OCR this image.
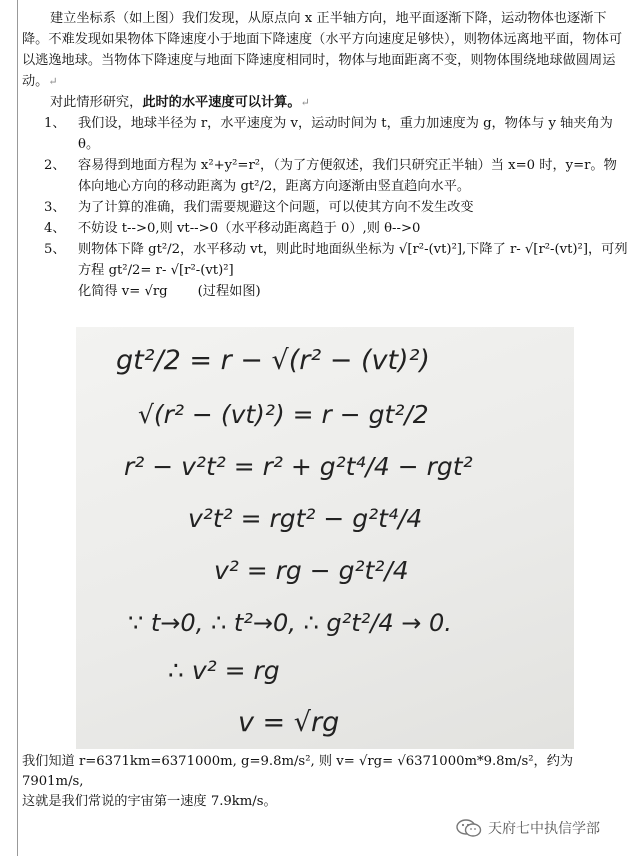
建立坐标系（如上图）我们发现，从原点向 x 正半轴方向，地平面逐渐下降，运动物体也逐渐下降。不难发现如果物体下降速度小于地面下降速度（水平方向速度足够快），则物体远离地平面，物体可以逃逸地球。当物体下降速度与地面下降速度相同时，物体与地面距离不变，则物体围绕地球做圆周运动。↵

对此情形研究，此时的水平速度可以计算。↵

1、 我们设，地球半径为 r，水平速度为 v，运动时间为 t，重力加速度为 g，物体与 y 轴夹角为 θ。
2、 容易得到地面方程为 x²+y²=r²，（为了方便叙述，我们只研究正半轴）当 x=0 时，y=r。物体向地心方向的移动距离为 gt²/2，距离方向逐渐由竖直趋向水平。
3、 为了计算的准确，我们需要规避这个问题，可以使其方向不发生改变
4、 不妨设 t-->0,则 vt-->0（水平移动距离趋于 0）,则 θ-->0
5、 则物体下降 gt²/2，水平移动 vt，则此时地面纵坐标为 √[r²-(vt)²],下降了 r- √[r²-(vt)²]，可列方程 gt²/2= r- √[r²-(vt)²]

化简得 v= √rg (过程如图)

gt²/2 = r − √(r² − (vt)²)
√(r² − (vt)²) = r − gt²/2
r² − v²t² = r² + g²t⁴/4 − rgt²
v²t² = rgt² − g²t⁴/4
v² = rg − g²t²/4
∵ t→0, ∴ t²→0, ∴ g²t²/4 → 0.
∴ v² = rg
v = √rg

我们知道 r=6371km=6371000m, g=9.8m/s², 则 v= √rg= √6371000m*9.8m/s²，约为 7901m/s,

这就是我们常说的宇宙第一速度 7.9km/s。

天府七中执信学部
